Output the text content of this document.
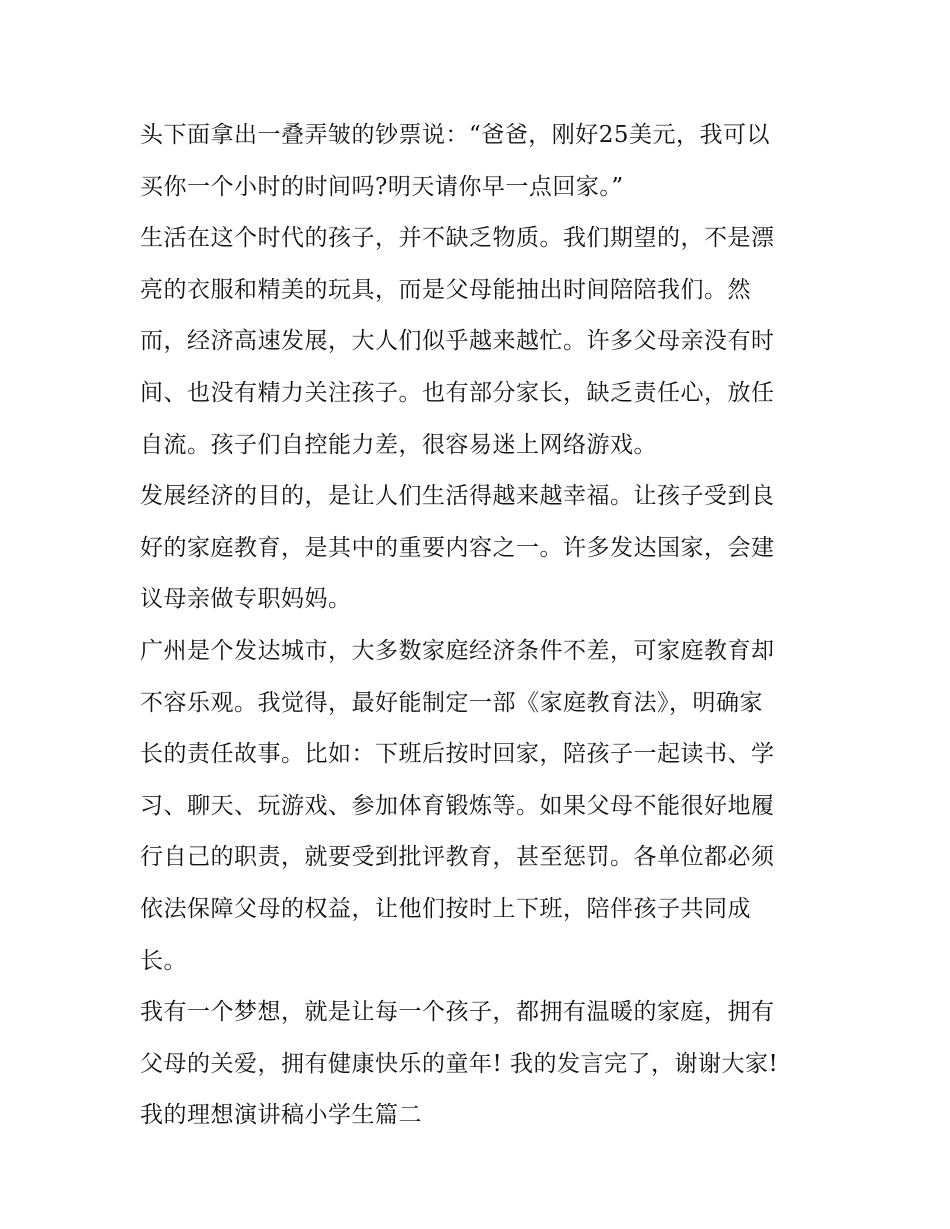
头下面拿出一叠弄皱的钞票说：“爸爸，刚好25美元，我可以
买你一个小时的时间吗?明天请你早一点回家。”
生活在这个时代的孩子，并不缺乏物质。我们期望的，不是漂
亮的衣服和精美的玩具，而是父母能抽出时间陪陪我们。然
而，经济高速发展，大人们似乎越来越忙。许多父母亲没有时
间、也没有精力关注孩子。也有部分家长，缺乏责任心，放任
自流。孩子们自控能力差，很容易迷上网络游戏。
发展经济的目的，是让人们生活得越来越幸福。让孩子受到良
好的家庭教育，是其中的重要内容之一。许多发达国家，会建
议母亲做专职妈妈。
广州是个发达城市，大多数家庭经济条件不差，可家庭教育却
不容乐观。我觉得，最好能制定一部《家庭教育法》，明确家
长的责任故事。比如：下班后按时回家，陪孩子一起读书、学
习、聊天、玩游戏、参加体育锻炼等。如果父母不能很好地履
行自己的职责，就要受到批评教育，甚至惩罚。各单位都必须
依法保障父母的权益，让他们按时上下班，陪伴孩子共同成
长。
我有一个梦想，就是让每一个孩子，都拥有温暖的家庭，拥有
父母的关爱，拥有健康快乐的童年! 我的发言完了，谢谢大家!
我的理想演讲稿小学生篇二
